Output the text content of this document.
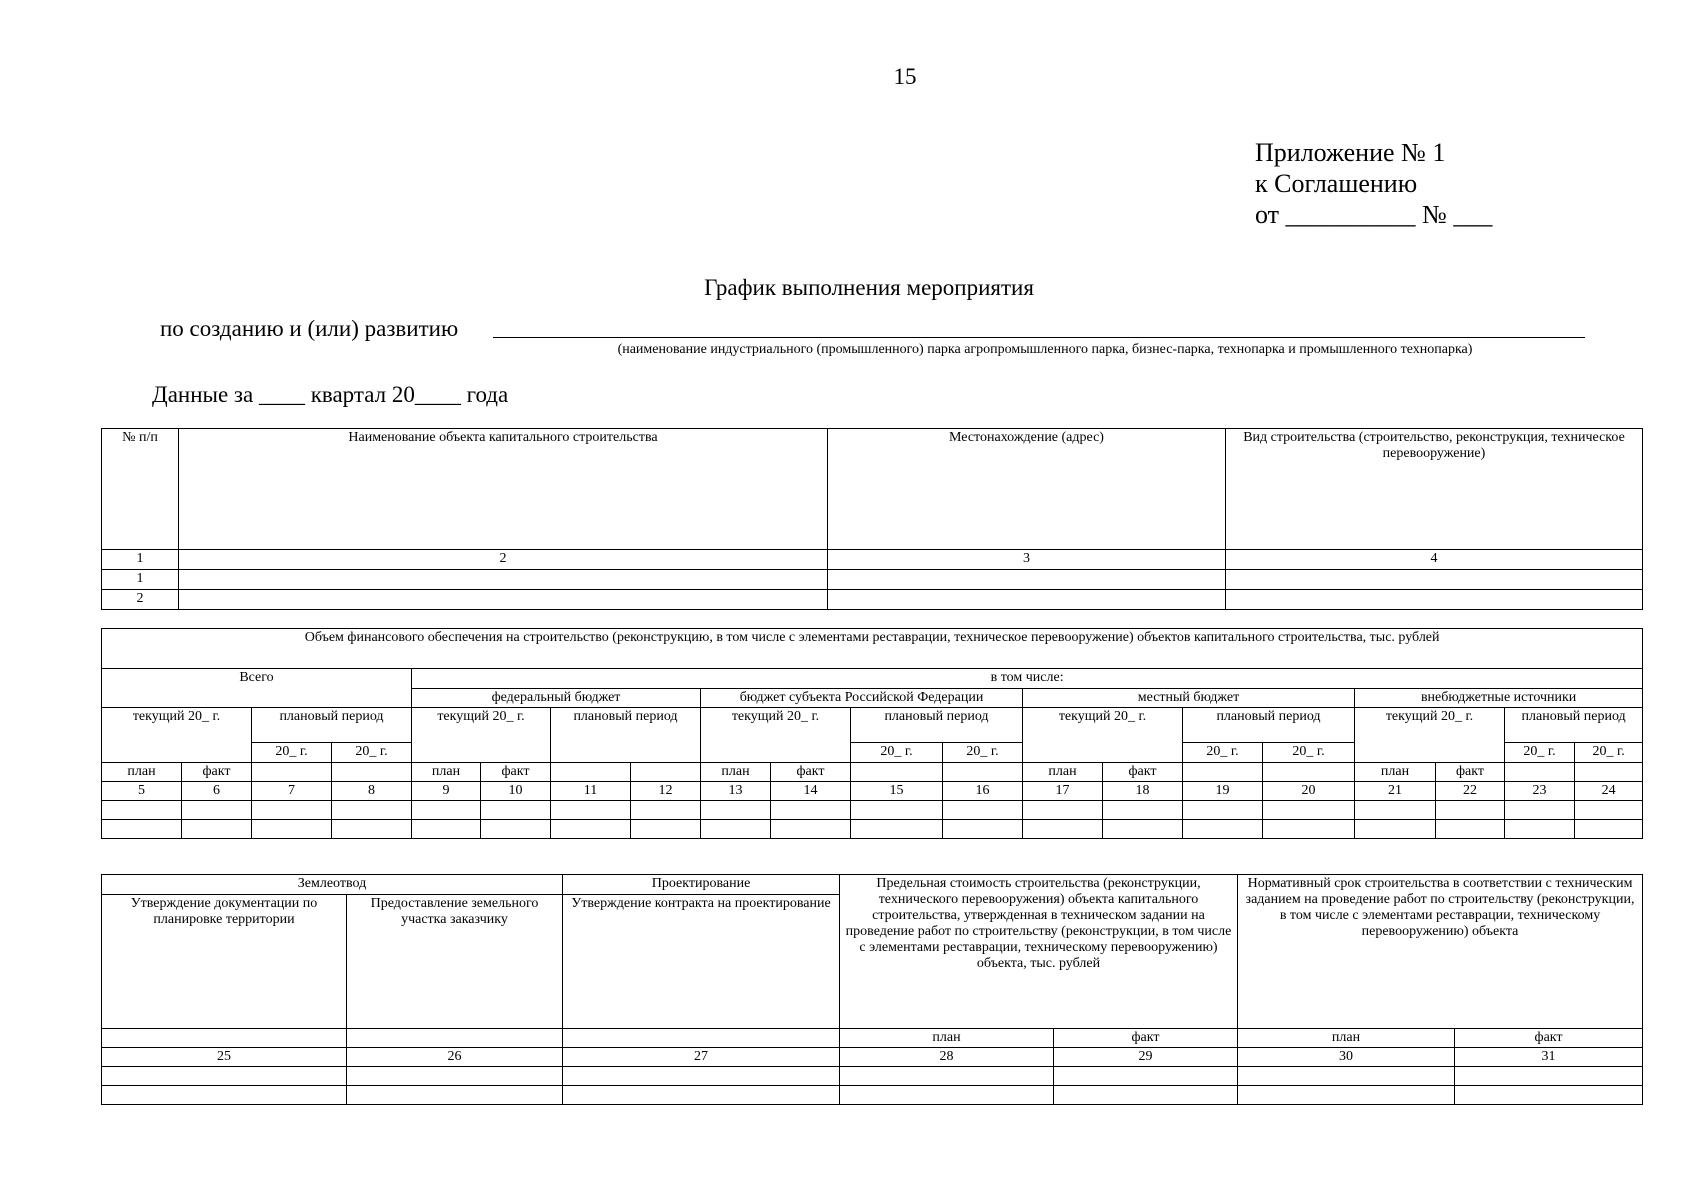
15
Приложение № 1
к Соглашению
от __________ № ___
График выполнения мероприятия
по созданию и (или) развитию
(наименование индустриального (промышленного) парка агропромышленного парка, бизнес-парка, технопарка и промышленного технопарка)
Данные за ____ квартал 20____ года
№ п/п	Наименование объекта капитального строительства	Местонахождение (адрес)	Вид строительства (строительство, реконструкция, техническое перевооружение)
1	2	3	4
1			
2			
Объем финансового обеспечения на строительство (реконструкцию, в том числе с элементами реставрации, техническое перевооружение) объектов капитального строительства, тыс. рублей																			
Всего				в том числе:															
				федеральный бюджет				бюджет субъекта Российской Федерации				местный бюджет				внебюджетные источники			
текущий 20_ г.		плановый период		текущий 20_ г.		плановый период		текущий 20_ г.		плановый период		текущий 20_ г.		плановый период		текущий 20_ г.		плановый период	
		20_ г.	20_ г.							20_ г.	20_ г.			20_ г.	20_ г.			20_ г.	20_ г.
план	факт			план	факт			план	факт			план	факт			план	факт		
5	6	7	8	9	10	11	12	13	14	15	16	17	18	19	20	21	22	23	24

Землеотвод		Проектирование	Предельная стоимость строительства (реконструкции, технического перевооружения) объекта капитального строительства, утвержденная в техническом задании на проведение работ по строительству (реконструкции, в том числе с элементами реставрации, техническому перевооружению) объекта, тыс. рублей		Нормативный срок строительства в соответствии с техническим заданием на проведение работ по строительству (реконструкции, в том числе с элементами реставрации, техническому перевооружению) объекта	
Утверждение документации по планировке территории	Предоставление земельного участка заказчику	Утверждение контракта на проектирование				
			план	факт	план	факт
25	26	27	28	29	30	31
